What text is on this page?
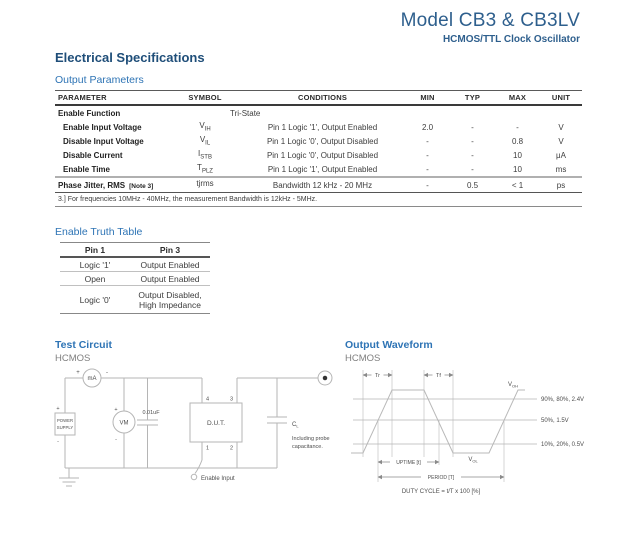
Model CB3 & CB3LV
HCMOS/TTL Clock Oscillator
Electrical Specifications
Output Parameters
PARAMETER	SYMBOL	CONDITIONS	MIN	TYP	MAX	UNIT
Enable Function	Tri-State
Enable Input Voltage	$V_{IH}$	Pin 1 Logic '1', Output Enabled	2.0	-	-	V
Disable Input Voltage	$V_{IL}$	Pin 1 Logic '0', Output Disabled	-	-	0.8	V
Disable Current	$I_{STB}$	Pin 1 Logic '0', Output Disabled	-	-	10	μA
Enable Time	$T_{PLZ}$	Pin 1 Logic '1', Output Enabled	-	-	10	ms
Phase Jitter, RMS [Note 3]	tjrms	Bandwidth 12 kHz - 20 MHz	-	0.5	< 1	ps
3.] For frequencies 10MHz - 40MHz, the measurement Bandwidth is 12kHz - 5MHz.
Enable Truth Table
Pin 1	Pin 3
Logic '1'	Output Enabled
Open	Output Enabled
Logic '0'	Output Disabled,
High Impedance
Test Circuit
HCMOS
mA
+ -
POWER
SUPPLY
+
-
VM
+
-
0.01uF
D.U.T.
4 3
1 2
$C_L$
Including probe
capacitance.
Enable Input
Output Waveform
HCMOS
Tr	Tf
$V_{OH}$
$V_{OL}$
90%, 80%, 2.4V
50%, 1.5V
10%, 20%, 0.5V
UPTIME [t]
PERIOD [T]
DUTY CYCLE = t/T x 100 [%]
